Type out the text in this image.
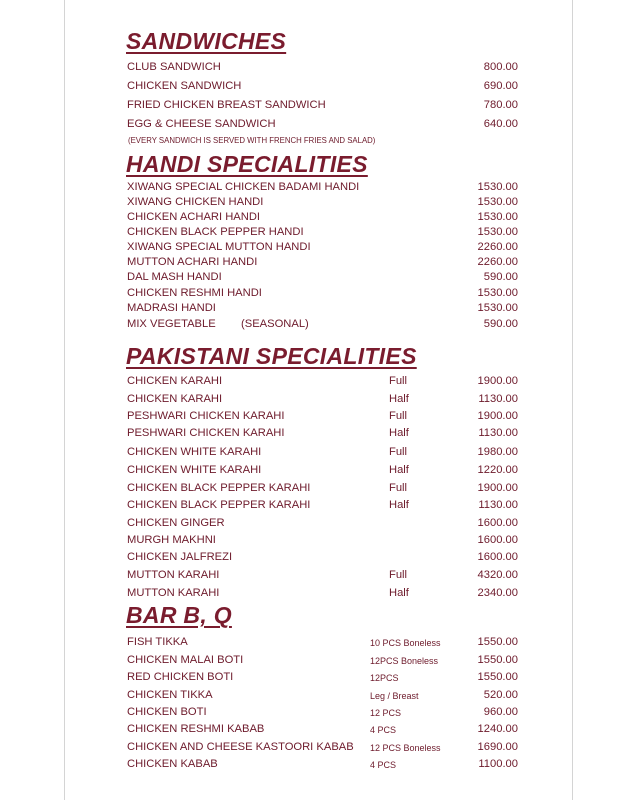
SANDWICHES
CLUB SANDWICH	800.00
CHICKEN SANDWICH	690.00
FRIED CHICKEN BREAST SANDWICH	780.00
EGG & CHEESE SANDWICH	640.00
(EVERY SANDWICH IS SERVED WITH FRENCH FRIES AND SALAD)
HANDI SPECIALITIES
XIWANG SPECIAL CHICKEN BADAMI HANDI	1530.00
XIWANG CHICKEN HANDI	1530.00
CHICKEN ACHARI HANDI	1530.00
CHICKEN BLACK PEPPER HANDI	1530.00
XIWANG SPECIAL MUTTON HANDI	2260.00
MUTTON ACHARI HANDI	2260.00
DAL MASH HANDI	590.00
CHICKEN RESHMI HANDI	1530.00
MADRASI HANDI	1530.00
MIX VEGETABLE (SEASONAL)	590.00
PAKISTANI SPECIALITIES
CHICKEN KARAHI	Full	1900.00
CHICKEN KARAHI	Half	1130.00
PESHWARI CHICKEN KARAHI	Full	1900.00
PESHWARI CHICKEN KARAHI	Half	1130.00
CHICKEN WHITE KARAHI	Full	1980.00
CHICKEN WHITE KARAHI	Half	1220.00
CHICKEN BLACK PEPPER KARAHI	Full	1900.00
CHICKEN BLACK PEPPER KARAHI	Half	1130.00
CHICKEN GINGER	1600.00
MURGH MAKHNI	1600.00
CHICKEN JALFREZI	1600.00
MUTTON KARAHI	Full	4320.00
MUTTON KARAHI	Half	2340.00
BAR B, Q
FISH TIKKA	10 PCS Boneless	1550.00
CHICKEN MALAI BOTI	12PCS Boneless	1550.00
RED CHICKEN BOTI	12PCS	1550.00
CHICKEN TIKKA	Leg / Breast	520.00
CHICKEN BOTI	12 PCS	960.00
CHICKEN RESHMI KABAB	4 PCS	1240.00
CHICKEN AND CHEESE KASTOORI KABAB 12 PCS Boneless	1690.00
CHICKEN KABAB	4 PCS	1100.00
